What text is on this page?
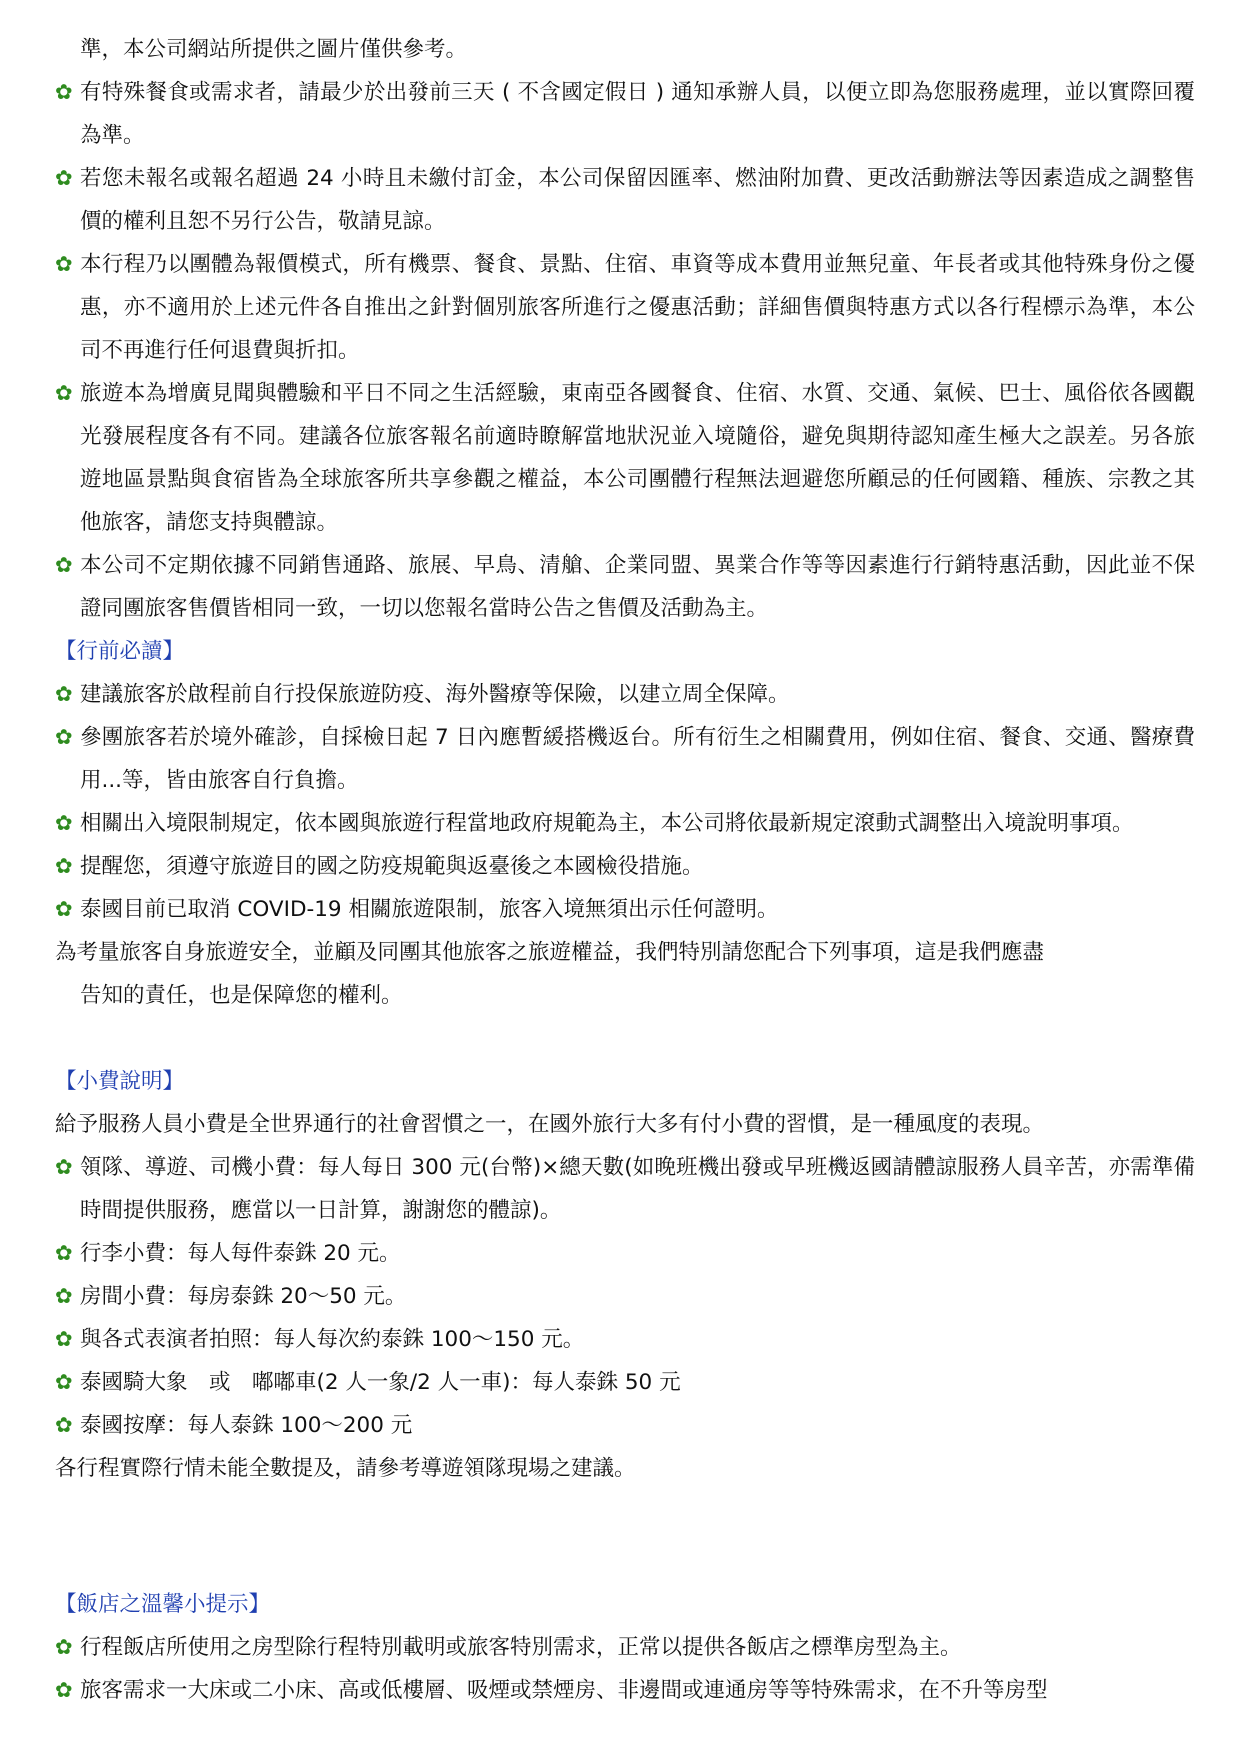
準，本公司網站所提供之圖片僅供參考。
✿ 有特殊餐食或需求者，請最少於出發前三天 ( 不含國定假日 ) 通知承辦人員，以便立即為您服務處理，並以實際回覆為準。
✿ 若您未報名或報名超過 24 小時且未繳付訂金，本公司保留因匯率、燃油附加費、更改活動辦法等因素造成之調整售價的權利且恕不另行公告，敬請見諒。
✿ 本行程乃以團體為報價模式，所有機票、餐食、景點、住宿、車資等成本費用並無兒童、年長者或其他特殊身份之優惠，亦不適用於上述元件各自推出之針對個別旅客所進行之優惠活動；詳細售價與特惠方式以各行程標示為準，本公司不再進行任何退費與折扣。
✿ 旅遊本為增廣見聞與體驗和平日不同之生活經驗，東南亞各國餐食、住宿、水質、交通、氣候、巴士、風俗依各國觀光發展程度各有不同。建議各位旅客報名前適時瞭解當地狀況並入境隨俗，避免與期待認知產生極大之誤差。另各旅遊地區景點與食宿皆為全球旅客所共享參觀之權益，本公司團體行程無法迴避您所顧忌的任何國籍、種族、宗教之其他旅客，請您支持與體諒。
✿ 本公司不定期依據不同銷售通路、旅展、早鳥、清艙、企業同盟、異業合作等等因素進行行銷特惠活動，因此並不保證同團旅客售價皆相同一致，一切以您報名當時公告之售價及活動為主。
【行前必讀】
✿ 建議旅客於啟程前自行投保旅遊防疫、海外醫療等保險，以建立周全保障。
✿ 參團旅客若於境外確診，自採檢日起 7 日內應暫緩搭機返台。所有衍生之相關費用，例如住宿、餐食、交通、醫療費用...等，皆由旅客自行負擔。
✿ 相關出入境限制規定，依本國與旅遊行程當地政府規範為主，本公司將依最新規定滾動式調整出入境說明事項。
✿ 提醒您，須遵守旅遊目的國之防疫規範與返臺後之本國檢役措施。
✿ 泰國目前已取消 COVID-19 相關旅遊限制，旅客入境無須出示任何證明。
為考量旅客自身旅遊安全，並顧及同團其他旅客之旅遊權益，我們特別請您配合下列事項，這是我們應盡
告知的責任，也是保障您的權利。
【小費說明】
給予服務人員小費是全世界通行的社會習慣之一，在國外旅行大多有付小費的習慣，是一種風度的表現。
✿ 領隊、導遊、司機小費：每人每日 300 元(台幣)×總天數(如晚班機出發或早班機返國請體諒服務人員辛苦，亦需準備時間提供服務，應當以一日計算，謝謝您的體諒)。
✿ 行李小費：每人每件泰銖 20 元。
✿ 房間小費：每房泰銖 20～50 元。
✿ 與各式表演者拍照：每人每次約泰銖 100～150 元。
✿ 泰國騎大象　或　嘟嘟車(2 人一象/2 人一車)：每人泰銖 50 元
✿ 泰國按摩：每人泰銖 100～200 元
各行程實際行情未能全數提及，請參考導遊領隊現場之建議。
【飯店之溫馨小提示】
✿ 行程飯店所使用之房型除行程特別載明或旅客特別需求，正常以提供各飯店之標準房型為主。
✿ 旅客需求一大床或二小床、高或低樓層、吸煙或禁煙房、非邊間或連通房等等特殊需求，在不升等房型
